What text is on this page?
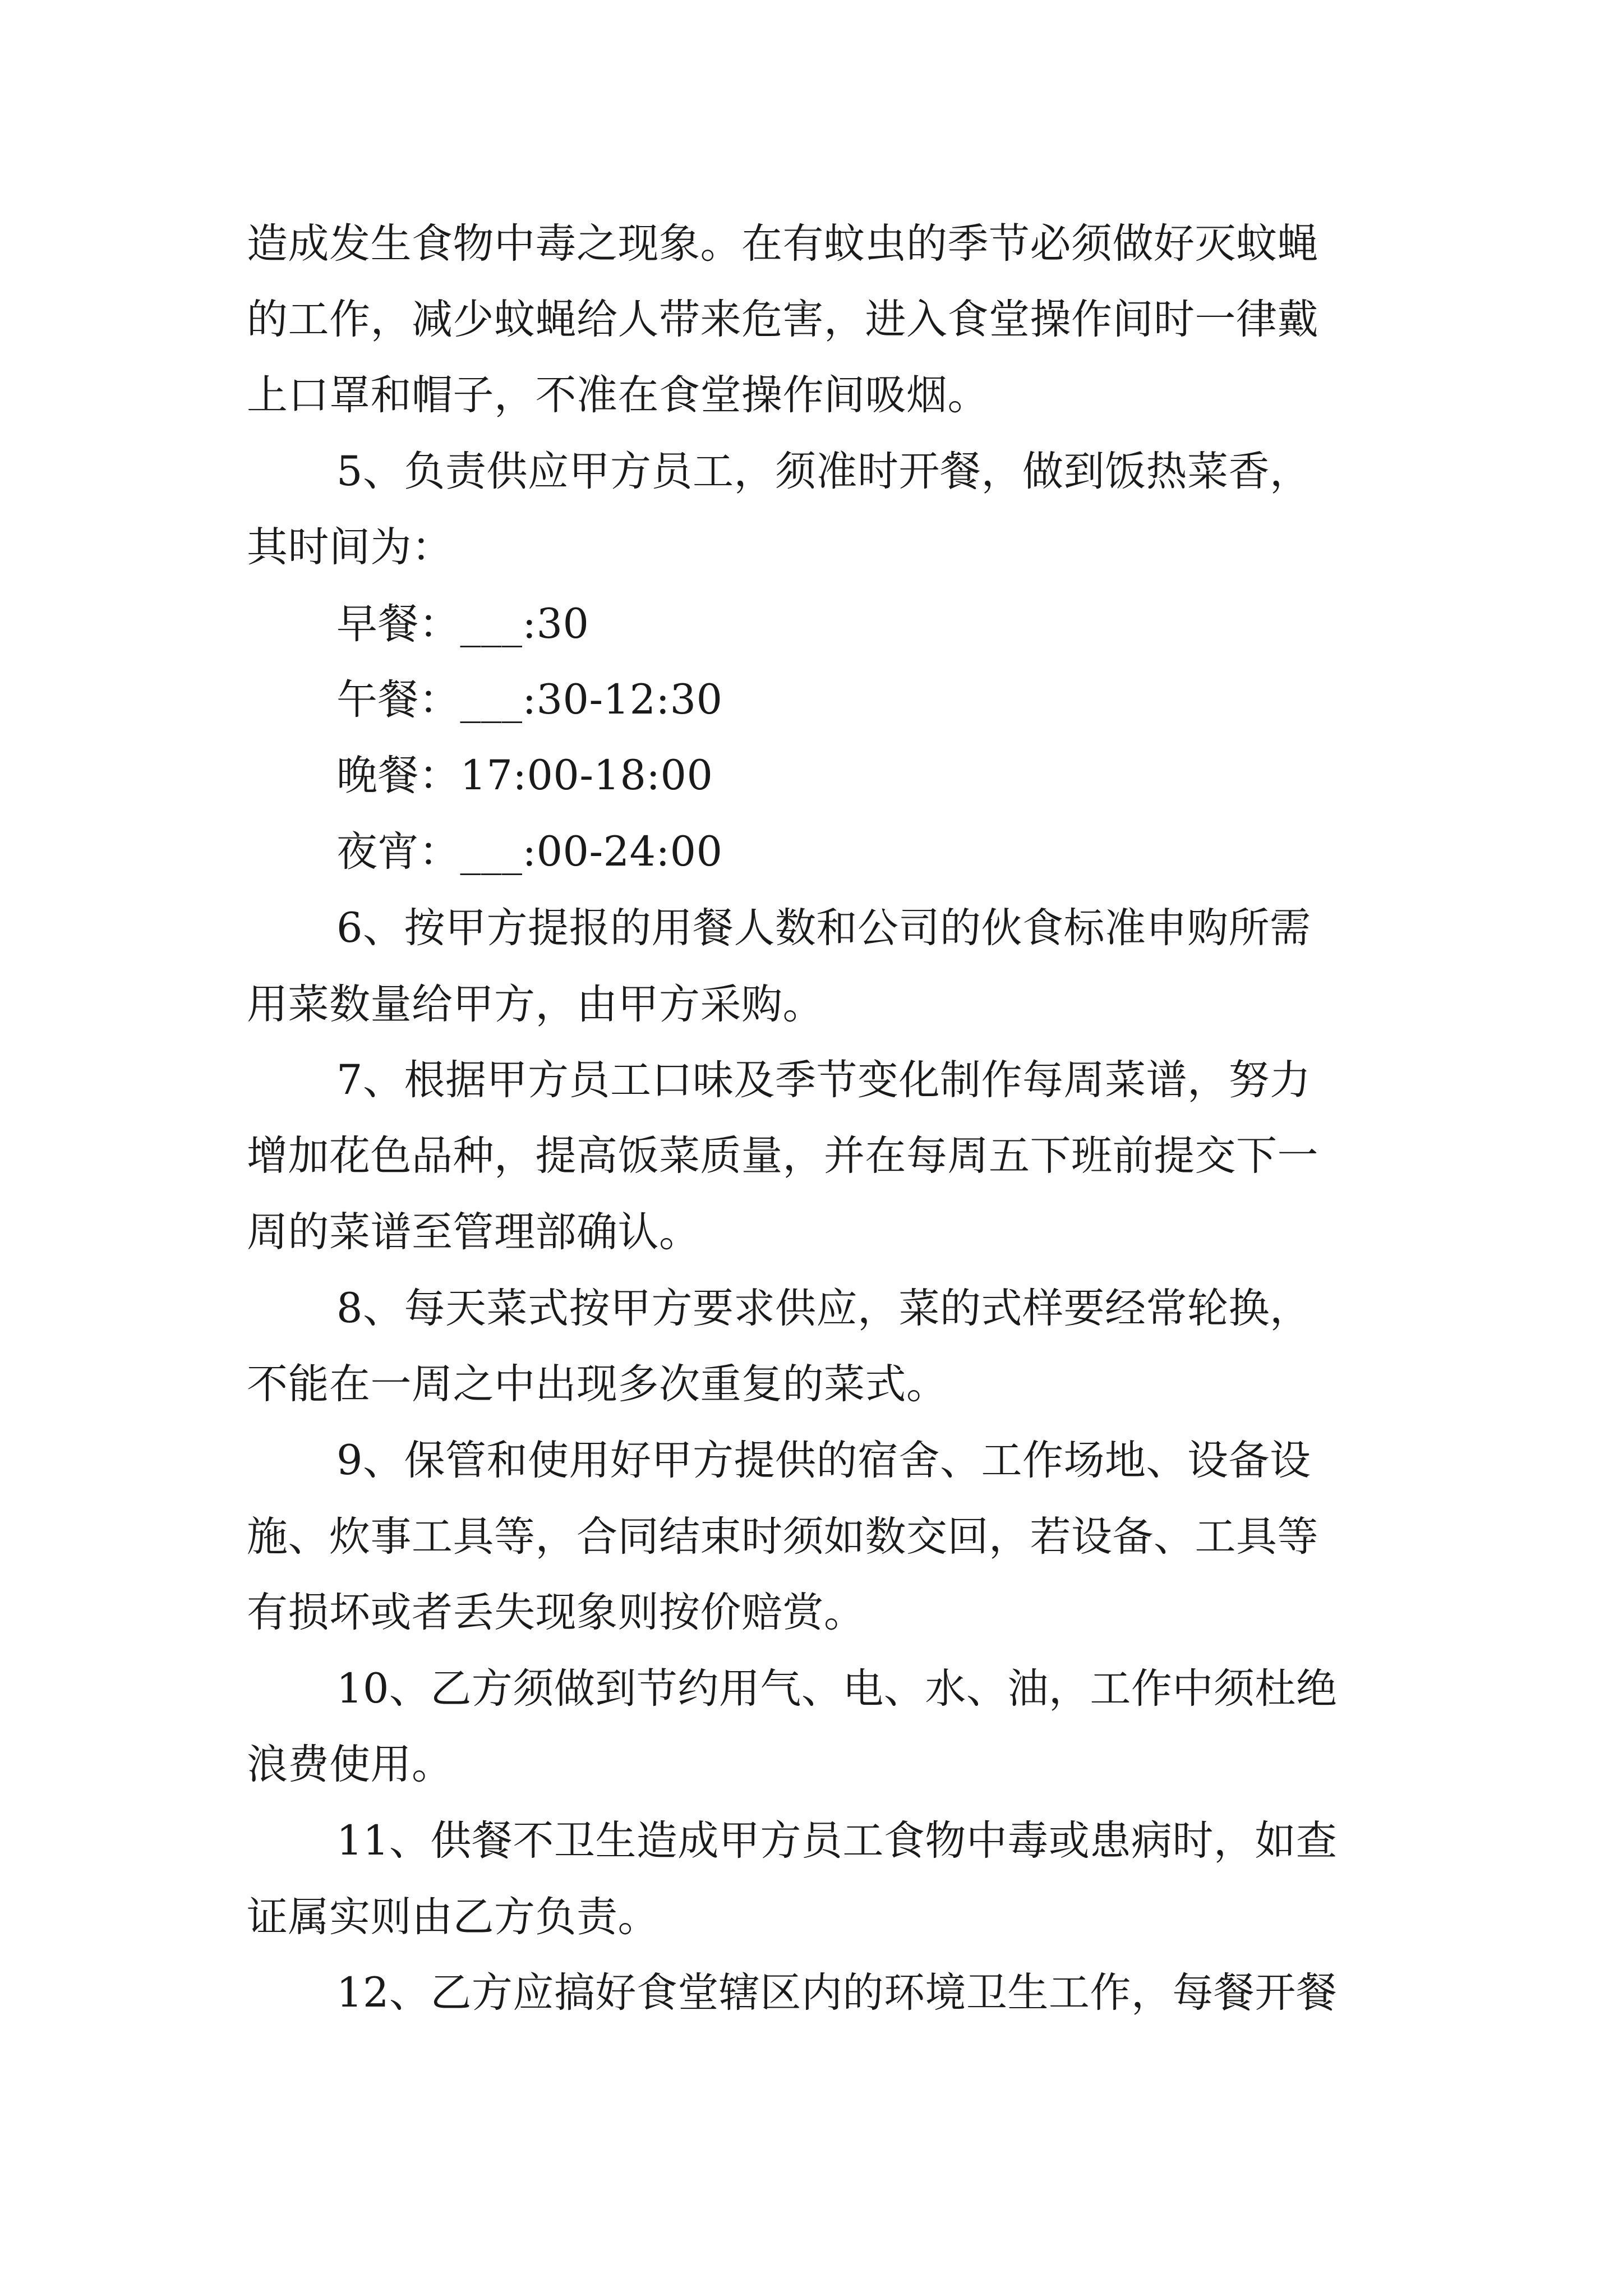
造成发生食物中毒之现象。在有蚊虫的季节必须做好灭蚊蝇

的工作，减少蚊蝇给人带来危害，进入食堂操作间时一律戴

上口罩和帽子，不准在食堂操作间吸烟。

5、负责供应甲方员工，须准时开餐，做到饭热菜香，

其时间为：

早餐：___:30

午餐：___:30-12:30

晚餐：17:00-18:00

夜宵：___:00-24:00

6、按甲方提报的用餐人数和公司的伙食标准申购所需

用菜数量给甲方，由甲方采购。

7、根据甲方员工口味及季节变化制作每周菜谱，努力

增加花色品种，提高饭菜质量，并在每周五下班前提交下一

周的菜谱至管理部确认。

8、每天菜式按甲方要求供应，菜的式样要经常轮换，

不能在一周之中出现多次重复的菜式。

9、保管和使用好甲方提供的宿舍、工作场地、设备设

施、炊事工具等，合同结束时须如数交回，若设备、工具等

有损坏或者丢失现象则按价赔赏。

10、乙方须做到节约用气、电、水、油，工作中须杜绝

浪费使用。

11、供餐不卫生造成甲方员工食物中毒或患病时，如查

证属实则由乙方负责。

12、乙方应搞好食堂辖区内的环境卫生工作，每餐开餐
